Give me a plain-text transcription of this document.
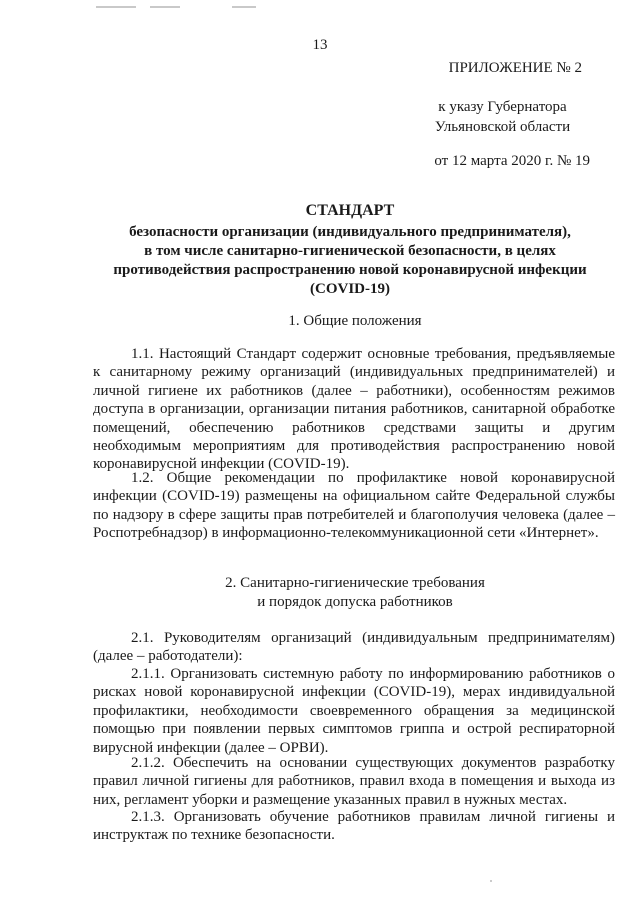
13
ПРИЛОЖЕНИЕ № 2
к указу Губернатора
Ульяновской области
от 12 марта 2020 г. № 19
СТАНДАРТ
безопасности организации (индивидуального предпринимателя),
в том числе санитарно-гигиенической безопасности, в целях
противодействия распространению новой коронавирусной инфекции
(COVID-19)
1. Общие положения
1.1. Настоящий Стандарт содержит основные требования, предъявляемые к санитарному режиму организаций (индивидуальных предпринимателей) и личной гигиене их работников (далее – работники), особенностям режимов доступа в организации, организации питания работников, санитарной обработке помещений, обеспечению работников средствами защиты и другим необходимым мероприятиям для противодействия распространению новой коронавирусной инфекции (COVID-19).
1.2. Общие рекомендации по профилактике новой коронавирусной инфекции (COVID-19) размещены на официальном сайте Федеральной службы по надзору в сфере защиты прав потребителей и благополучия человека (далее – Роспотребнадзор) в информационно-телекоммуникационной сети «Интернет».
2. Санитарно-гигиенические требования
и порядок допуска работников
2.1. Руководителям организаций (индивидуальным предпринимателям) (далее – работодатели):
2.1.1. Организовать системную работу по информированию работников о рисках новой коронавирусной инфекции (COVID-19), мерах индивидуальной профилактики, необходимости своевременного обращения за медицинской помощью при появлении первых симптомов гриппа и острой респираторной вирусной инфекции (далее – ОРВИ).
2.1.2. Обеспечить на основании существующих документов разработку правил личной гигиены для работников, правил входа в помещения и выхода из них, регламент уборки и размещение указанных правил в нужных местах.
2.1.3. Организовать обучение работников правилам личной гигиены и инструктаж по технике безопасности.
